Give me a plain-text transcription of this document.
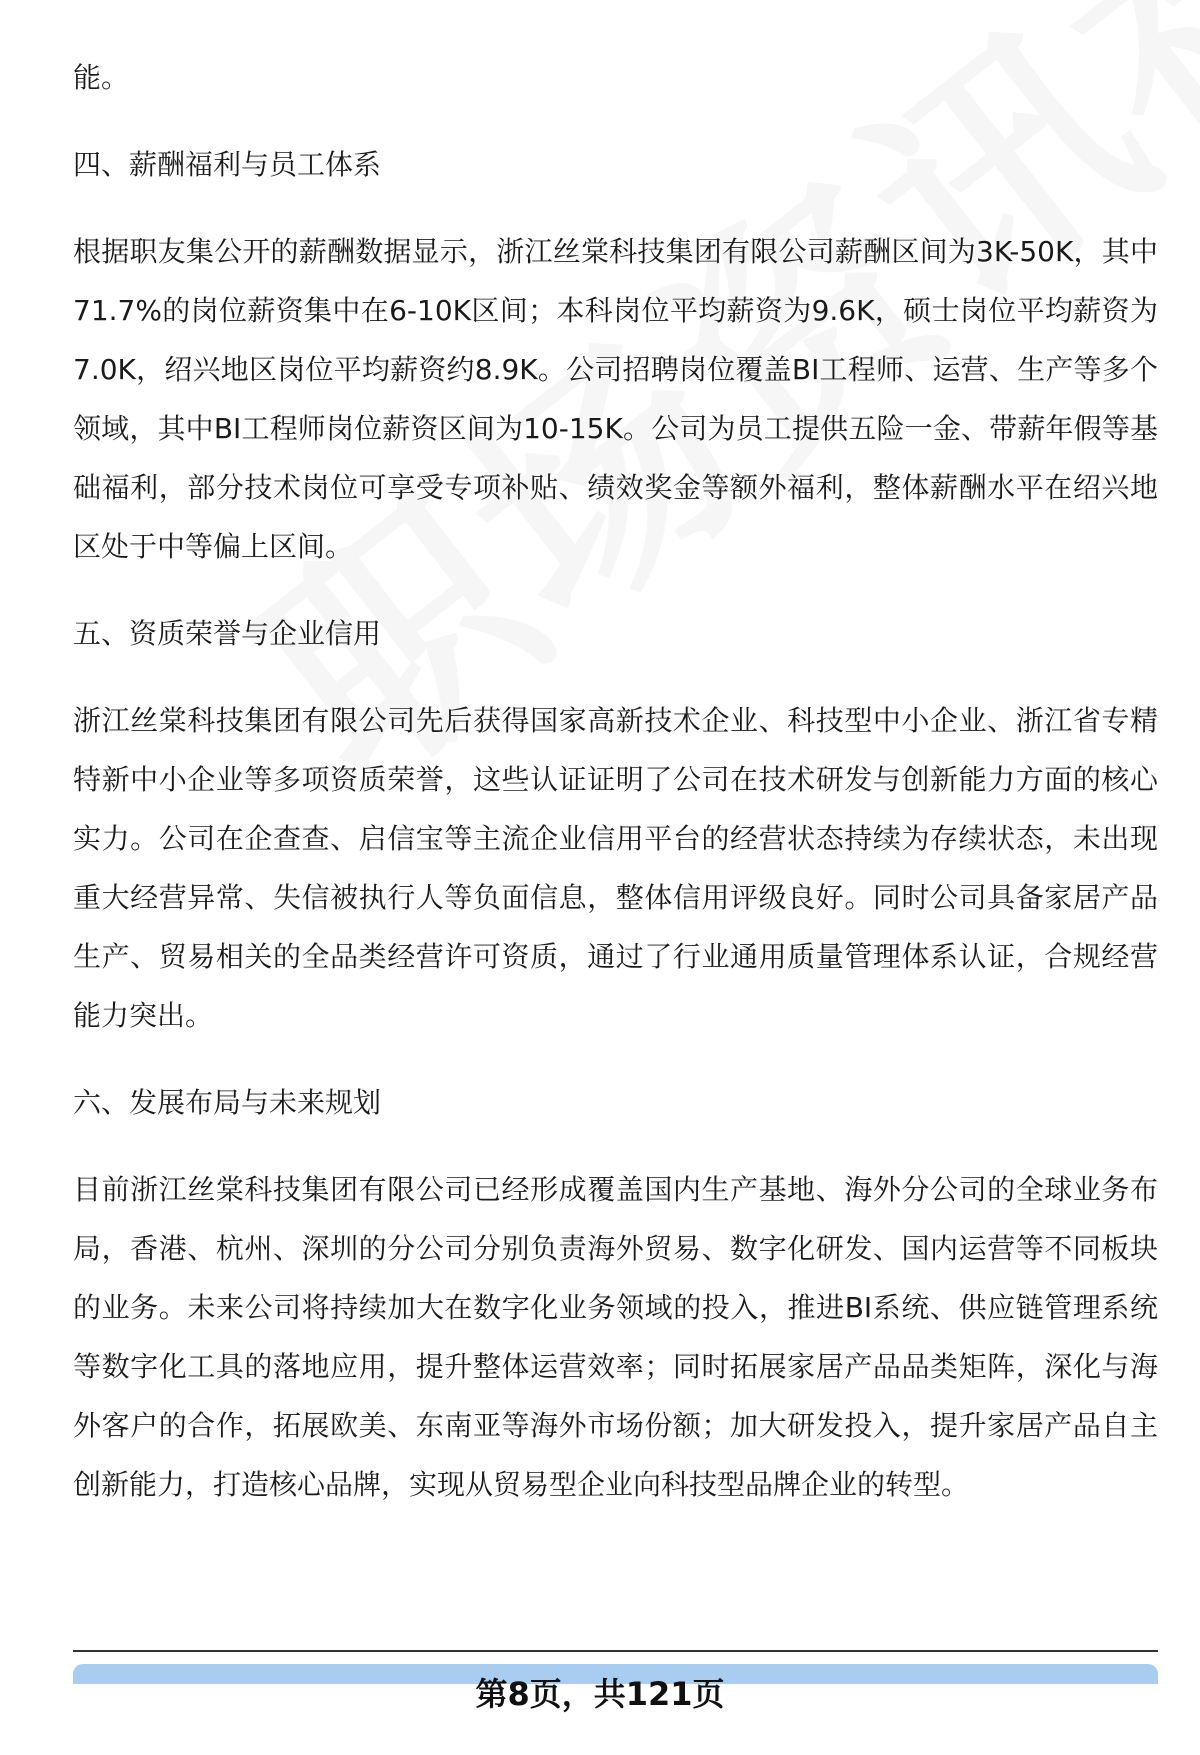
能。

四、薪酬福利与员工体系

根据职友集公开的薪酬数据显示，浙江丝棠科技集团有限公司薪酬区间为3K-50K，其中71.7%的岗位薪资集中在6-10K区间；本科岗位平均薪资为9.6K，硕士岗位平均薪资为7.0K，绍兴地区岗位平均薪资约8.9K。公司招聘岗位覆盖BI工程师、运营、生产等多个领域，其中BI工程师岗位薪资区间为10-15K。公司为员工提供五险一金、带薪年假等基础福利，部分技术岗位可享受专项补贴、绩效奖金等额外福利，整体薪酬水平在绍兴地区处于中等偏上区间。

五、资质荣誉与企业信用

浙江丝棠科技集团有限公司先后获得国家高新技术企业、科技型中小企业、浙江省专精特新中小企业等多项资质荣誉，这些认证证明了公司在技术研发与创新能力方面的核心实力。公司在企查查、启信宝等主流企业信用平台的经营状态持续为存续状态，未出现重大经营异常、失信被执行人等负面信息，整体信用评级良好。同时公司具备家居产品生产、贸易相关的全品类经营许可资质，通过了行业通用质量管理体系认证，合规经营能力突出。

六、发展布局与未来规划

目前浙江丝棠科技集团有限公司已经形成覆盖国内生产基地、海外分公司的全球业务布局，香港、杭州、深圳的分公司分别负责海外贸易、数字化研发、国内运营等不同板块的业务。未来公司将持续加大在数字化业务领域的投入，推进BI系统、供应链管理系统等数字化工具的落地应用，提升整体运营效率；同时拓展家居产品品类矩阵，深化与海外客户的合作，拓展欧美、东南亚等海外市场份额；加大研发投入，提升家居产品自主创新能力，打造核心品牌，实现从贸易型企业向科技型品牌企业的转型。

第8页，共121页
